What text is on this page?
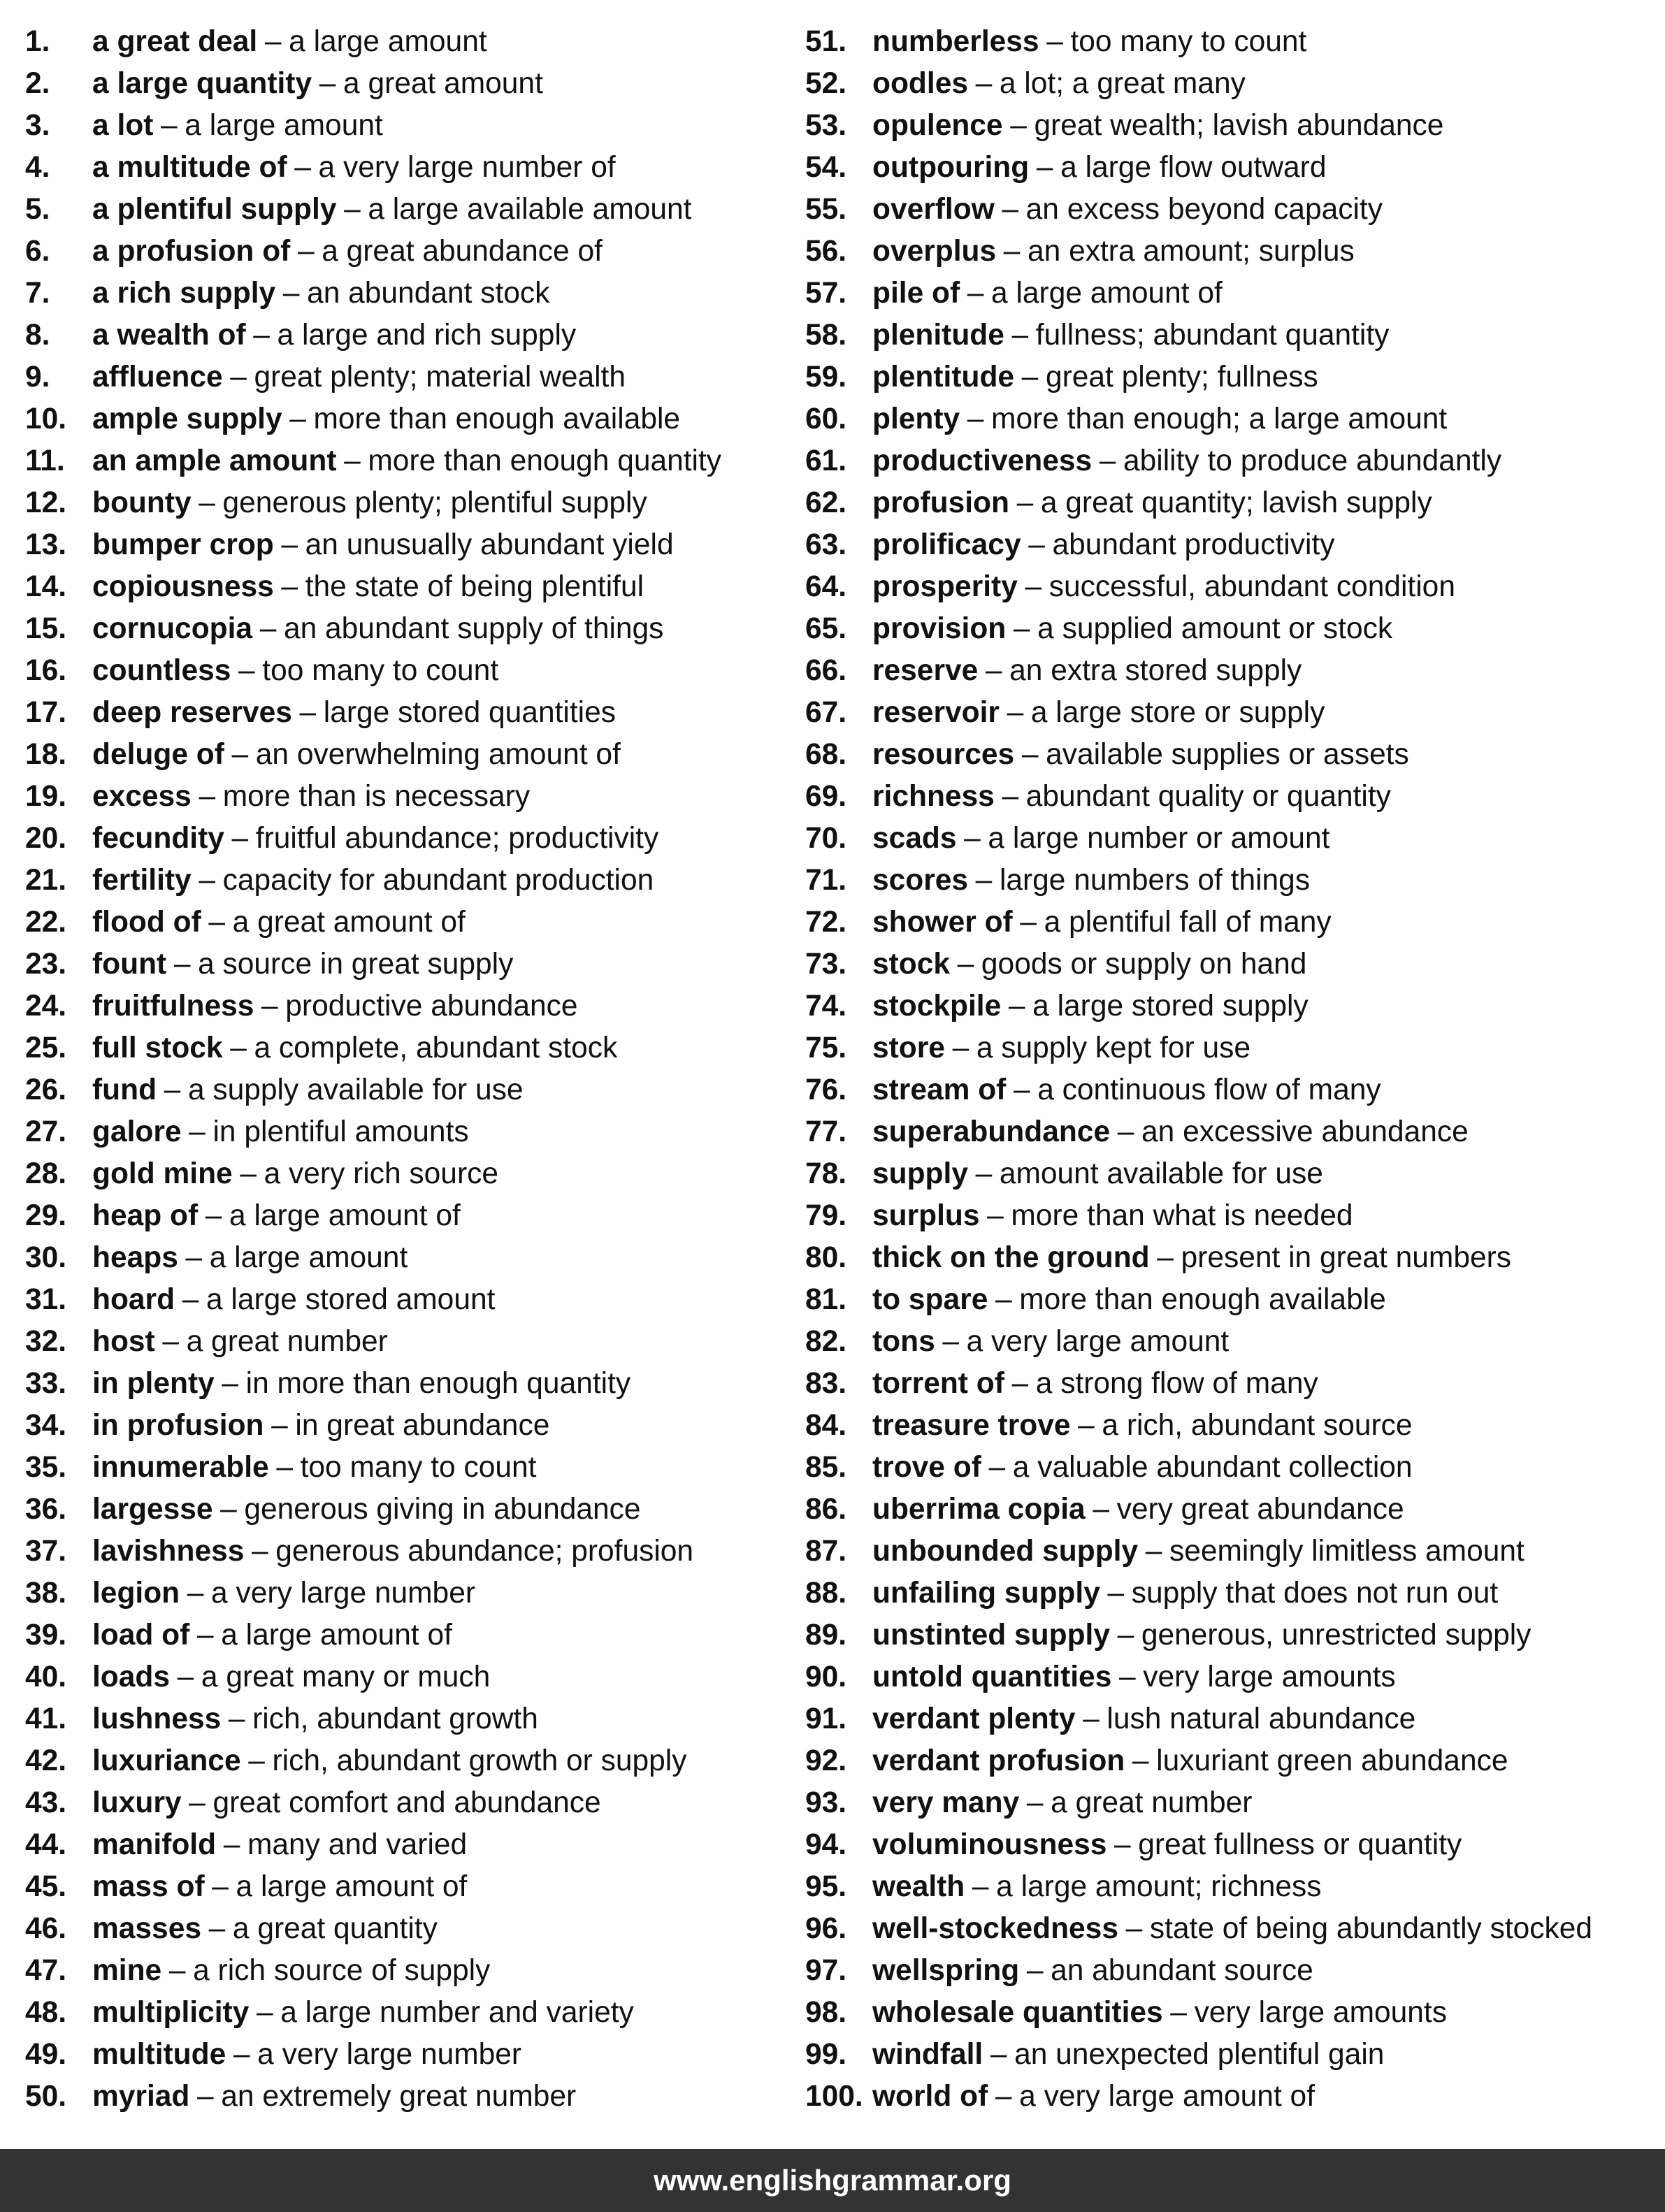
1.	a great deal – a large amount
2.	a large quantity – a great amount
3.	a lot – a large amount
4.	a multitude of – a very large number of
5.	a plentiful supply – a large available amount
6.	a profusion of – a great abundance of
7.	a rich supply – an abundant stock
8.	a wealth of – a large and rich supply
9.	affluence – great plenty; material wealth
10. ample supply – more than enough available
11. an ample amount – more than enough quantity
12. bounty – generous plenty; plentiful supply
13. bumper crop – an unusually abundant yield
14. copiousness – the state of being plentiful
15. cornucopia – an abundant supply of things
16. countless – too many to count
17. deep reserves – large stored quantities
18. deluge of – an overwhelming amount of
19. excess – more than is necessary
20. fecundity – fruitful abundance; productivity
21. fertility – capacity for abundant production
22. flood of – a great amount of
23. fount – a source in great supply
24. fruitfulness – productive abundance
25. full stock – a complete, abundant stock
26. fund – a supply available for use
27. galore – in plentiful amounts
28. gold mine – a very rich source
29. heap of – a large amount of
30. heaps – a large amount
31. hoard – a large stored amount
32. host – a great number
33. in plenty – in more than enough quantity
34. in profusion – in great abundance
35. innumerable – too many to count
36. largesse – generous giving in abundance
37. lavishness – generous abundance; profusion
38. legion – a very large number
39. load of – a large amount of
40. loads – a great many or much
41. lushness – rich, abundant growth
42. luxuriance – rich, abundant growth or supply
43. luxury – great comfort and abundance
44. manifold – many and varied
45. mass of – a large amount of
46. masses – a great quantity
47. mine – a rich source of supply
48. multiplicity – a large number and variety
49. multitude – a very large number
50. myriad – an extremely great number
51. numberless – too many to count
52. oodles – a lot; a great many
53. opulence – great wealth; lavish abundance
54. outpouring – a large flow outward
55. overflow – an excess beyond capacity
56. overplus – an extra amount; surplus
57. pile of – a large amount of
58. plenitude – fullness; abundant quantity
59. plentitude – great plenty; fullness
60. plenty – more than enough; a large amount
61. productiveness – ability to produce abundantly
62. profusion – a great quantity; lavish supply
63. prolificacy – abundant productivity
64. prosperity – successful, abundant condition
65. provision – a supplied amount or stock
66. reserve – an extra stored supply
67. reservoir – a large store or supply
68. resources – available supplies or assets
69. richness – abundant quality or quantity
70. scads – a large number or amount
71. scores – large numbers of things
72. shower of – a plentiful fall of many
73. stock – goods or supply on hand
74. stockpile – a large stored supply
75. store – a supply kept for use
76. stream of – a continuous flow of many
77. superabundance – an excessive abundance
78. supply – amount available for use
79. surplus – more than what is needed
80. thick on the ground – present in great numbers
81. to spare – more than enough available
82. tons – a very large amount
83. torrent of – a strong flow of many
84. treasure trove – a rich, abundant source
85. trove of – a valuable abundant collection
86. uberrima copia – very great abundance
87. unbounded supply – seemingly limitless amount
88. unfailing supply – supply that does not run out
89. unstinted supply – generous, unrestricted supply
90. untold quantities – very large amounts
91. verdant plenty – lush natural abundance
92. verdant profusion – luxuriant green abundance
93. very many – a great number
94. voluminousness – great fullness or quantity
95. wealth – a large amount; richness
96. well-stockedness – state of being abundantly stocked
97. wellspring – an abundant source
98. wholesale quantities – very large amounts
99. windfall – an unexpected plentiful gain
100. world of – a very large amount of
www.englishgrammar.org
